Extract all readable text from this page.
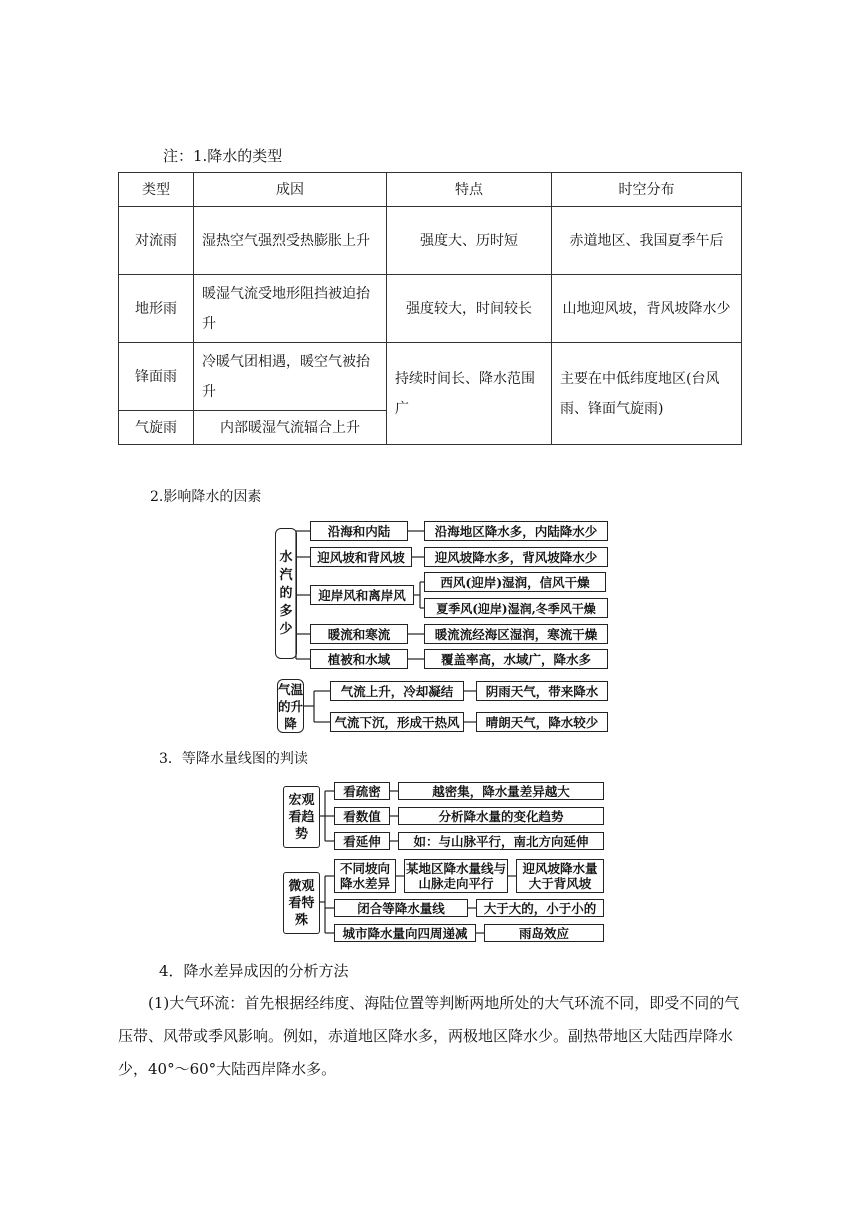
注：1.降水的类型
类型	成因	特点	时空分布
对流雨	湿热空气强烈受热膨胀上升	强度大、历时短	赤道地区、我国夏季午后
地形雨	暖湿气流受地形阻挡被迫抬升	强度较大，时间较长	山地迎风坡，背风坡降水少
锋面雨	冷暖气团相遇，暖空气被抬升	持续时间长、降水范围广	主要在中低纬度地区(台风雨、锋面气旋雨)
气旋雨	内部暖湿气流辐合上升		
2.影响降水的因素
水汽的多少
沿海和内陆	沿海地区降水多，内陆降水少
迎风坡和背风坡	迎风坡降水多，背风坡降水少
迎岸风和离岸风
西风(迎岸)湿润，信风干燥
夏季风(迎岸)湿润,冬季风干燥
暖流和寒流	暖流流经海区湿润，寒流干燥
植被和水域	覆盖率高，水域广，降水多
气温的升降
气流上升，冷却凝结	阴雨天气，带来降水
气流下沉，形成干热风	晴朗天气，降水较少
3．等降水量线图的判读
宏观看趋势
看疏密	越密集，降水量差异越大
看数值	分析降水量的变化趋势
看延伸	如：与山脉平行，南北方向延伸
微观看特殊
不同坡向降水差异
某地区降水量线与山脉走向平行
迎风坡降水量大于背风坡
闭合等降水量线	大于大的，小于小的
城市降水量向四周递减	雨岛效应
4．降水差异成因的分析方法
(1)大气环流：首先根据经纬度、海陆位置等判断两地所处的大气环流不同，即受不同的气压带、风带或季风影响。例如，赤道地区降水多，两极地区降水少。副热带地区大陆西岸降水少，40°～60°大陆西岸降水多。
